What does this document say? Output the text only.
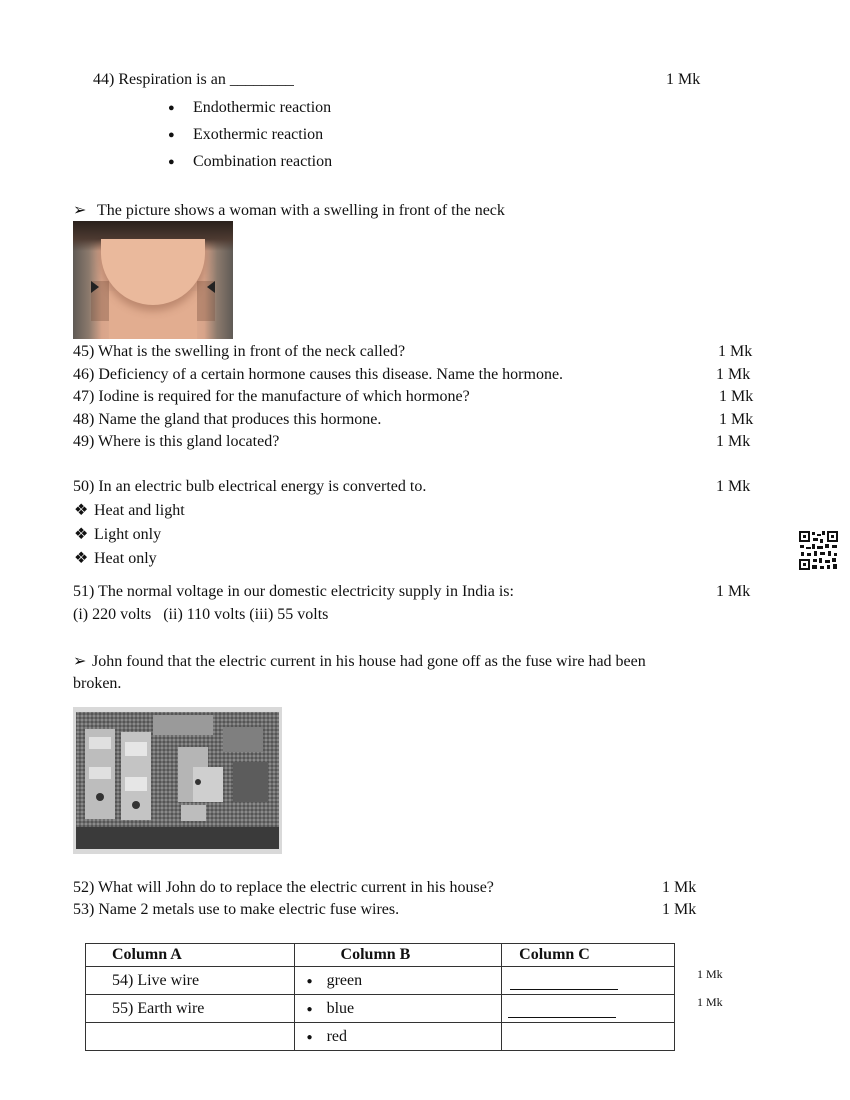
44) Respiration is an ________	1 Mk
● Endothermic reaction
● Exothermic reaction
● Combination reaction
➢ The picture shows a woman with a swelling in front of the neck
45) What is the swelling in front of the neck called?	1 Mk
46) Deficiency of a certain hormone causes this disease. Name the hormone.	1 Mk
47) Iodine is required for the manufacture of which hormone?	1 Mk
48) Name the gland that produces this hormone.	1 Mk
49) Where is this gland located?	1 Mk
50) In an electric bulb electrical energy is converted to.	1 Mk
❖ Heat and light
❖ Light only
❖ Heat only
51) The normal voltage in our domestic electricity supply in India is:	1 Mk
(i) 220 volts   (ii) 110 volts (iii) 55 volts
➢ John found that the electric current in his house had gone off as the fuse wire had been
broken.
52) What will John do to replace the electric current in his house?	1 Mk
53) Name 2 metals use to make electric fuse wires.	1 Mk
Column A	Column B	Column C
54) Live wire	●green	
55) Earth wire	●blue	
	● red	
1 Mk
1 Mk
